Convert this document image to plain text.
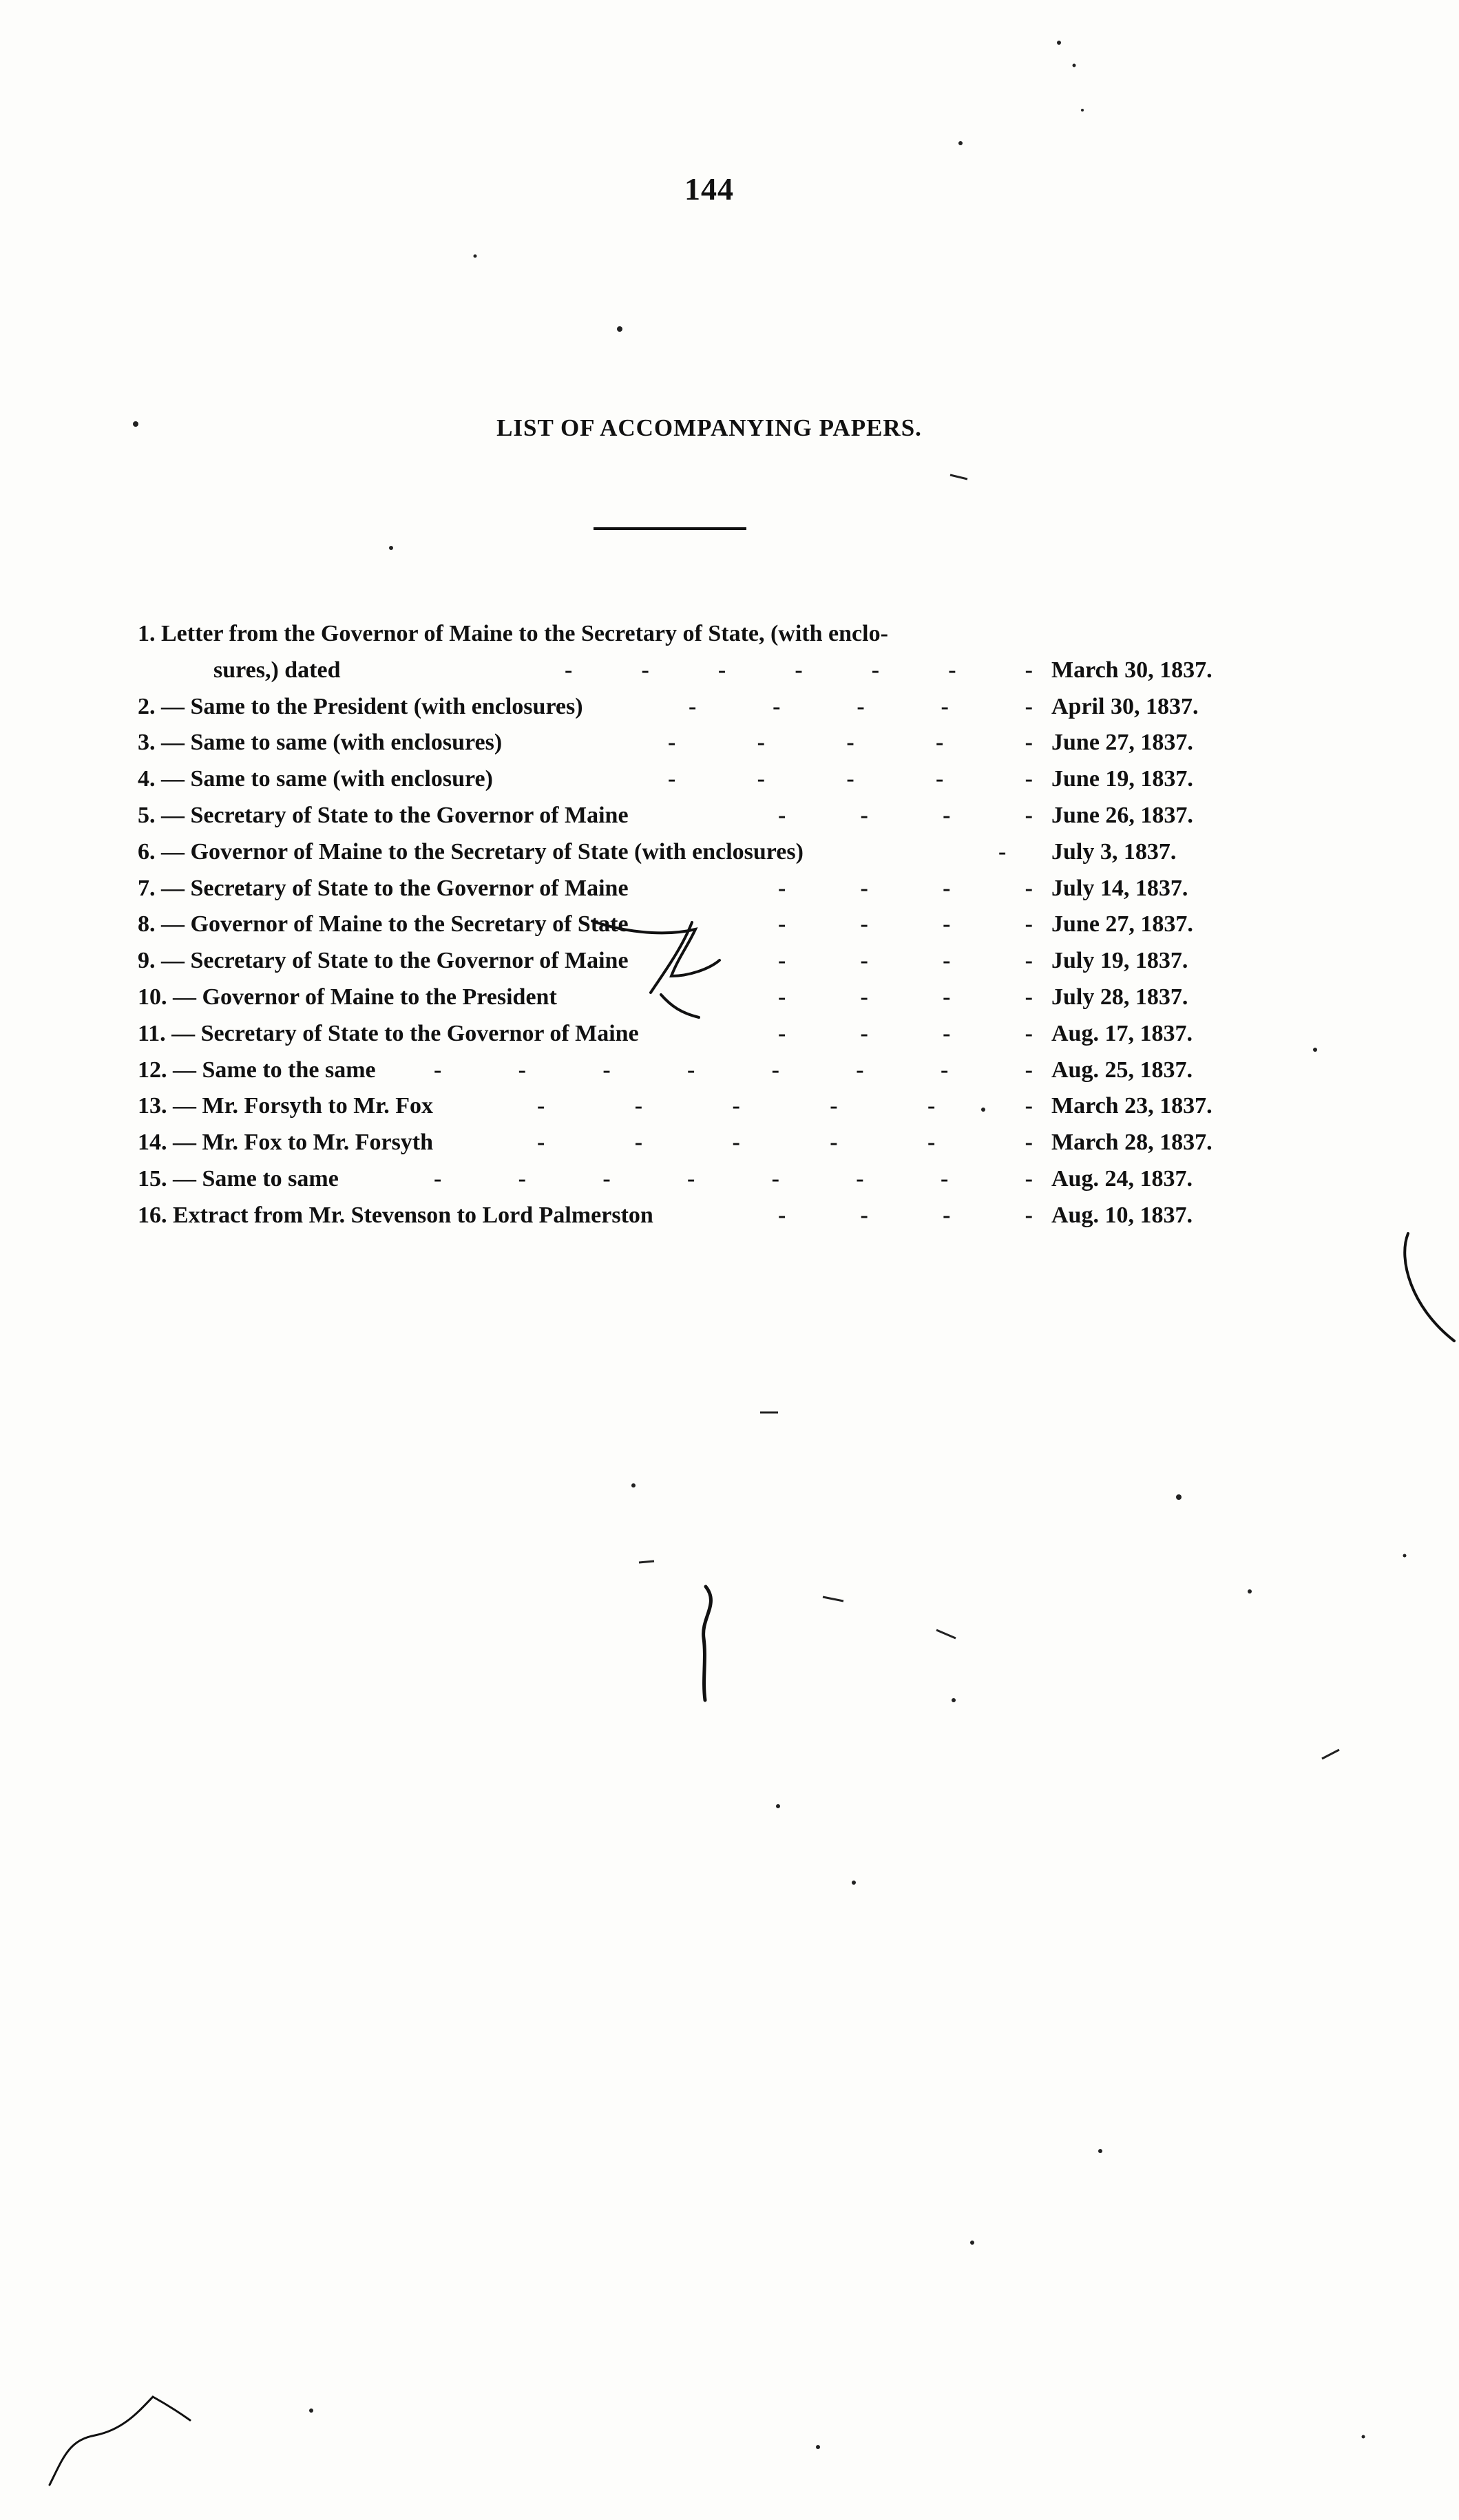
144
LIST OF ACCOMPANYING PAPERS.
1. Letter from the Governor of Maine to the Secretary of State, (with enclo-
sures,) dated	-	-	-	-	-	-	- March 30, 1837.
2. — Same to the President (with enclosures)	-	-	-	-	- April 30, 1837.
3. — Same to same (with enclosures)	-	-	-	-	- June 27, 1837.
4. — Same to same (with enclosure)	-	-	-	-	- June 19, 1837.
5. — Secretary of State to the Governor of Maine	-	-	-	- June 26, 1837.
6. — Governor of Maine to the Secretary of State (with enclosures)	- July 3, 1837.
7. — Secretary of State to the Governor of Maine	-	-	-	- July 14, 1837.
8. — Governor of Maine to the Secretary of State	-	-	-	- June 27, 1837.
9. — Secretary of State to the Governor of Maine	-	-	-	- July 19, 1837.
10. — Governor of Maine to the President	-	-	-	- July 28, 1837.
11. — Secretary of State to the Governor of Maine	-	-	-	- Aug. 17, 1837.
12. — Same to the same -	-	-	-	-	-	-	- Aug. 25, 1837.
13. — Mr. Forsyth to Mr. Fox	-	-	-	-	-	- March 23, 1837.
14. — Mr. Fox to Mr. Forsyth	-	-	-	-	-	- March 28, 1837.
15. — Same to same	-	-	-	-	-	-	-	- Aug. 24, 1837.
16. Extract from Mr. Stevenson to Lord Palmerston	-	-	-	- Aug. 10, 1837.
